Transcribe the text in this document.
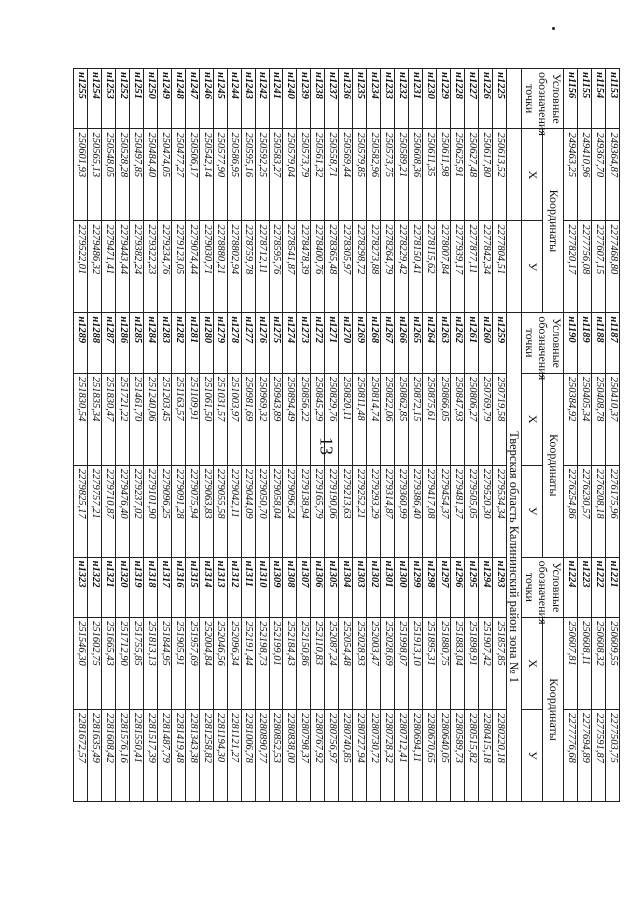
13
н1153	249364,87	2277468,80	н1187	250410,37	2276175,96	н1221	250609,55	2277503,75
н1154	249367,70	2277607,15	н1188	250408,78	2276208,18	н1222	250608,32	2277591,87
н1155	249410,96	2277756,08	н1189	250405,34	2276230,57	н1223	250608,11	2277694,89
н1156	249463,25	2277820,17	н1190	250384,92	2276254,86	н1224	250607,81	2277776,68
Условные обозначения точки	Координаты		Условные обозначения точки	Координаты		Условные обозначения точки	Координаты	
	Х	У		Х	У		Х	У
			Тверская область Калининский район зона № 1					
н1225	250613,52	2277804,51	н1259	250719,58	2279534,34	н1293	251857,85	2280220,18
н1226	250617,80	2277842,34	н1260	250769,79	2279520,30	н1294	251907,42	2280415,18
н1227	250627,48	2277877,11	н1261	250806,27	2279505,05	н1295	251898,91	2280515,82
н1228	250625,91	2277939,17	н1262	250847,93	2279481,27	н1296	251883,04	2280589,73
н1229	250611,98	2278007,84	н1263	250866,05	2279454,37	н1297	251880,75	2280640,05
н1230	250611,35	2278115,62	н1264	250875,61	2279417,08	н1298	251895,31	2280670,65
н1231	250608,36	2278150,41	н1265	250872,15	2279386,40	н1299	251913,10	2280694,11
н1232	250589,21	2278229,42	н1266	250862,85	2279360,99	н1300	251998,07	2280712,41
н1233	250573,75	2278264,79	н1267	250822,06	2279314,87	н1301	252028,69	2280728,32
н1234	250582,96	2278273,88	н1268	250814,74	2279293,29	н1302	252003,47	2280730,72
н1235	250579,85	2278298,72	н1269	250811,48	2279252,21	н1303	252028,93	2280727,94
н1236	250569,44	2278305,97	н1270	250820,11	2279213,63	н1304	252054,48	2280740,85
н1237	250558,71	2278365,48	н1271	250829,76	2279190,06	н1305	252087,24	2280756,97
н1238	250561,32	2278400,76	н1272	250845,29	2279165,79	н1306	252110,83	2280767,92
н1239	250573,79	2278478,39	н1273	250856,22	2279138,94	н1307	252150,86	2280798,37
н1240	250579,04	2278541,87	н1274	250894,49	2279096,24	н1308	252184,43	2280838,00
н1241	250583,27	2278595,76	н1275	250943,89	2279058,04	н1309	252199,01	2280852,53
н1242	250592,25	2278712,11	н1276	250969,32	2279050,70	н1310	252198,73	2280890,77
н1243	250595,16	2278759,78	н1277	250981,69	2279044,09	н1311	252191,44	2281006,78
н1244	250586,95	2278802,94	н1278	251003,97	2279042,11	н1312	252096,34	2281121,27
н1245	250577,90	2278880,21	н1279	251031,57	2279055,58	н1313	252046,56	2281194,30
н1246	250542,14	2279030,71	н1280	251061,50	2279063,83	н1314	252004,84	2281258,82
н1247	250506,17	2279074,44	н1281	251109,91	2279075,94	н1315	251957,69	2281343,38
н1248	250477,27	2279123,05	н1282	251163,57	2279091,28	н1316	251905,91	2281419,48
н1249	250474,05	2279234,76	н1283	251203,45	2279096,25	н1317	251844,95	2281487,79
н1250	250484,40	2279322,23	н1284	251240,06	2279101,90	н1318	251813,13	2281517,39
н1251	250497,85	2279382,24	н1285	251461,70	2279237,02	н1319	251755,85	2281550,41
н1252	250528,28	2279443,44	н1286	251721,22	2279476,40	н1320	251712,90	2281576,16
н1253	250548,05	2279471,41	н1287	251830,47	2279710,87	н1321	251665,43	2281608,42
н1254	250565,13	2279486,32	н1288	251835,34	2279757,21	н1322	251602,75	2281635,49
н1255	250601,93	2279522,01	н1289	251830,54	2279825,17	н1323	251546,30	2281672,57
